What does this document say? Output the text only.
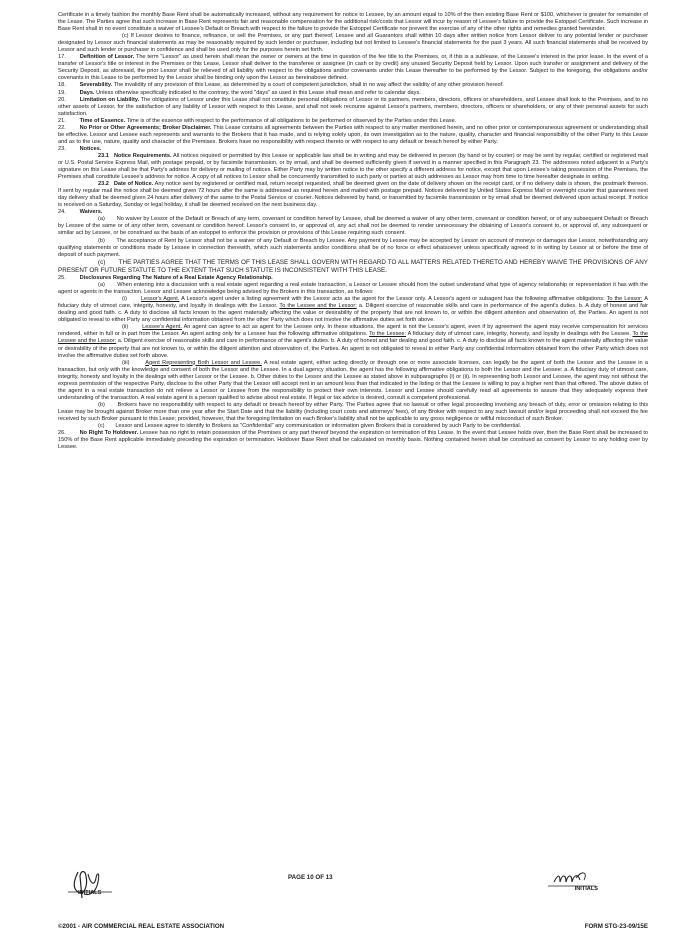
Certificate in a timely fashion the monthly Base Rent shall be automatically increased, without any requirement for notice to Lessee, by an amount equal to 10% of the then existing Base Rent or $100, whichever is greater for remainder of the Lease. The Parties agree that such increase in Base Rent represents fair and reasonable compensation for the additional risk/costs that Lessor will incur by reason of Lessee's failure to provide the Estoppel Certificate. Such increase in Base Rent shall in no event constitute a waiver of Lessee's Default or Breach with respect to the failure to provide the Estoppel Certificate nor prevent the exercise of any of the other rights and remedies granted hereunder.

(c) If Lessor desires to finance, refinance, or sell the Premises, or any part thereof, Lessee and all Guarantors shall within 10 days after written notice from Lessor deliver to any potential lender or purchaser designated by Lessor such financial statements as may be reasonably required by such lender or purchaser, including but not limited to Lessee's financial statements for the past 3 years. All such financial statements shall be received by Lessor and such lender or purchaser in confidence and shall be used only for the purposes herein set forth.

17.	Definition of Lessor. The term "Lessor" as used herein shall mean the owner or owners at the time in question of the fee title to the Premises, or, if this is a sublease, of the Lessee's interest in the prior lease. In the event of a transfer of Lessor's title or interest in the Premises or this Lease, Lessor shall deliver to the transferee or assignee (in cash or by credit) any unused Security Deposit held by Lessor. Upon such transfer or assignment and delivery of the Security Deposit, as aforesaid, the prior Lessor shall be relieved of all liability with respect to the obligations and/or covenants under this Lease thereafter to be performed by the Lessor. Subject to the foregoing, the obligations and/or covenants in this Lease to be performed by the Lessor shall be binding only upon the Lessor as hereinabove defined.

18. Severability. The invalidity of any provision of this Lease, as determined by a court of competent jurisdiction, shall in no way affect the validity of any other provision hereof.

19. Days. Unless otherwise specifically indicated to the contrary, the word "days" as used in this Lease shall mean and refer to calendar days.

20. Limitation on Liability. The obligations of Lessor under this Lease shall not constitute personal obligations of Lessor or its partners, members, directors, officers or shareholders, and Lessee shall look to the Premises, and to no other assets of Lessor, for the satisfaction of any liability of Lessor with respect to this Lease, and shall not seek recourse against Lessor's partners, members, directors, officers or shareholders, or any of their personal assets for such satisfaction.

21. Time of Essence. Time is of the essence with respect to the performance of all obligations to be performed or observed by the Parties under this Lease.

22. No Prior or Other Agreements; Broker Disclaimer. This Lease contains all agreements between the Parties with respect to any matter mentioned herein, and no other prior or contemporaneous agreement or understanding shall be effective. Lessor and Lessee each represents and warrants to the Brokers that it has made, and is relying solely upon, its own investigation as to the nature, quality, character and financial responsibility of the other Party to this Lease and as to the use, nature, quality and character of the Premises. Brokers have no responsibility with respect thereto or with respect to any default or breach hereof by either Party.

23. Notices.

23.1 Notice Requirements. All notices required or permitted by this Lease or applicable law shall be in writing and may be delivered in person (by hand or by courier) or may be sent by regular, certified or registered mail or U.S. Postal Service Express Mail, with postage prepaid, or by facsimile transmission, or by email, and shall be deemed sufficiently given if served in a manner specified in this Paragraph 23. The addresses noted adjacent to a Party's signature on this Lease shall be that Party's address for delivery or mailing of notices. Either Party may by written notice to the other specify a different address for notice, except that upon Lessee's taking possession of the Premises, the Premises shall constitute Lessee's address for notice. A copy of all notices to Lessor shall be concurrently transmitted to such party or parties at such addresses as Lessor may from time to time hereafter designate in writing.

23.2 Date of Notice. Any notice sent by registered or certified mail, return receipt requested, shall be deemed given on the date of delivery shown on the receipt card, or if no delivery date is shown, the postmark thereon. If sent by regular mail the notice shall be deemed given 72 hours after the same is addressed as required herein and mailed with postage prepaid. Notices delivered by United States Express Mail or overnight courier that guarantees next day delivery shall be deemed given 24 hours after delivery of the same to the Postal Service or courier. Notices delivered by hand, or transmitted by facsimile transmission or by email shall be deemed delivered upon actual receipt. If notice is received on a Saturday, Sunday or legal holiday, it shall be deemed received on the next business day.

24. Waivers.

(a) No waiver by Lessor of the Default or Breach of any term, covenant or condition hereof by Lessee, shall be deemed a waiver of any other term, covenant or condition hereof, or of any subsequent Default or Breach by Lessee of the same or of any other term, covenant or condition hereof. Lessor's consent to, or approval of, any act shall not be deemed to render unnecessary the obtaining of Lessor's consent to, or approval of, any subsequent or similar act by Lessee, or be construed as the basis of an estoppel to enforce the provision or provisions of this Lease requiring such consent.

(b) The acceptance of Rent by Lessor shall not be a waiver of any Default or Breach by Lessee. Any payment by Lessee may be accepted by Lessor on account of moneys or damages due Lessor, notwithstanding any qualifying statements or conditions made by Lessee in connection therewith, which such statements and/or conditions shall be of no force or effect whatsoever unless specifically agreed to in writing by Lessor at or before the time of deposit of such payment.

(c) THE PARTIES AGREE THAT THE TERMS OF THIS LEASE SHALL GOVERN WITH REGARD TO ALL MATTERS RELATED THERETO AND HEREBY WAIVE THE PROVISIONS OF ANY PRESENT OR FUTURE STATUTE TO THE EXTENT THAT SUCH STATUTE IS INCONSISTENT WITH THIS LEASE.

25. Disclosures Regarding The Nature of a Real Estate Agency Relationship.

(a) When entering into a discussion with a real estate agent regarding a real estate transaction, a Lessor or Lessee should from the outset understand what type of agency relationship or representation it has with the agent or agents in the transaction. Lessor and Lessee acknowledge being advised by the Brokers in this transaction, as follows:

(i) Lessor's Agent. A Lessor's agent under a listing agreement with the Lessor acts as the agent for the Lessor only. A Lessor's agent or subagent has the following affirmative obligations: To the Lessor: A fiduciary duty of utmost care, integrity, honesty, and loyalty in dealings with the Lessor. To the Lessee and the Lessor: a. Diligent exercise of reasonable skills and care in performance of the agent's duties. b. A duty of honest and fair dealing and good faith. c. A duty to disclose all facts known to the agent materially affecting the value or desirability of the property that are not known to, or within the diligent attention and observation of, the Parties. An agent is not obligated to reveal to either Party any confidential information obtained from the other Party which does not involve the affirmative duties set forth above.

(ii) Lessee's Agent. An agent can agree to act as agent for the Lessee only. In these situations, the agent is not the Lessor's agent, even if by agreement the agent may receive compensation for services rendered, either in full or in part from the Lessor. An agent acting only for a Lessee has the following affirmative obligations. To the Lessee: A fiduciary duty of utmost care, integrity, honesty, and loyalty in dealings with the Lessee. To the Lessee and the Lessor: a. Diligent exercise of reasonable skills and care in performance of the agent's duties. b. A duty of honest and fair dealing and good faith. c. A duty to disclose all facts known to the agent materially affecting the value or desirability of the property that are not known to, or within the diligent attention and observation of, the Parties. An agent is not obligated to reveal to either Party any confidential information obtained from the other Party which does not involve the affirmative duties set forth above.

(iii)	Agent Representing Both Lessor and Lessee. A real estate agent, either acting directly or through one or more associate licenses, can legally be the agent of both the Lessor and the Lessee in a transaction, but only with the knowledge and consent of both the Lessor and the Lessee. In a dual agency situation, the agent has the following affirmative obligations to both the Lessor and the Lessee: a. A fiduciary duty of utmost care, integrity, honesty and loyalty in the dealings with either Lessor or the Lessee. b. Other duties to the Lessor and the Lessee as stated above in subparagraphs (i) or (ii). In representing both Lessor and Lessee, the agent may not without the express permission of the respective Party, disclose to the other Party that the Lessor will accept rent in an amount less than that indicated in the listing or that the Lessee is willing to pay a higher rent than that offered. The above duties of the agent in a real estate transaction do not relieve a Lessor or Lessee from the responsibility to protect their own interests. Lessor and Lessee should carefully read all agreements to assure that they adequately express their understanding of the transaction. A real estate agent is a person qualified to advise about real estate. If legal or tax advice is desired, consult a competent professional.

(b) Brokers have no responsibility with respect to any default or breach hereof by either Party. The Parties agree that no lawsuit or other legal proceeding involving any breach of duty, error or omission relating to this Lease may be brought against Broker more than one year after the Start Date and that the liability (including court costs and attorneys' fees), of any Broker with respect to any such lawsuit and/or legal proceeding shall not exceed the fee received by such Broker pursuant to this Lease; provided, however, that the foregoing limitation on each Broker's liability shall not be applicable to any gross negligence or willful misconduct of such Broker.

(c) Lessor and Lessee agree to identify to Brokers as "Confidential" any communication or information given Brokers that is considered by such Party to be confidential.

26. No Right To Holdover. Lessee has no right to retain possession of the Premises or any part thereof beyond the expiration or termination of this Lease. In the event that Lessee holds over, then the Base Rent shall be increased to 150% of the Base Rent applicable immediately preceding the expiration or termination. Holdover Base Rent shall be calculated on monthly basis. Nothing contained herein shall be construed as consent by Lessor to any holding over by Lessee.

INITIALS
PAGE 10 OF 13
INITIALS
©2001 - AIR COMMERCIAL REAL ESTATE ASSOCIATION	FORM STG-23-09/15E
